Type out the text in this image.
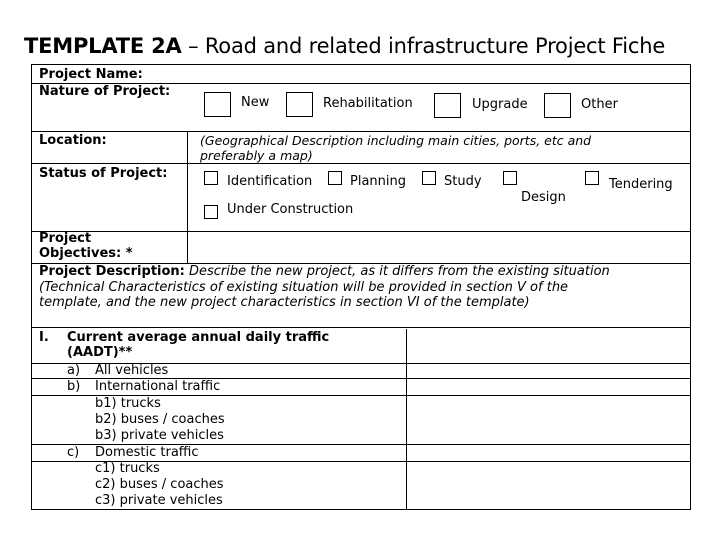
TEMPLATE 2A – Road and related infrastructure Project Fiche
Project Name:
Nature of Project:
New	Rehabilitation	Upgrade	Other
Location:	(Geographical Description including main cities, ports, etc and
preferably a map)
Status of Project:
Identification	Planning	Study
Design
Tendering
Under Construction
Project
Objectives: *
Project Description: Describe the new project, as it differs from the existing situation
(Technical Characteristics of existing situation will be provided in section V of the
template, and the new project characteristics in section VI of the template)
I. Current average annual daily traffic
(AADT)**
a) All vehicles
b) International traffic
b1) trucks
b2) buses / coaches
b3) private vehicles
c) Domestic traffic
c1) trucks
c2) buses / coaches
c3) private vehicles
